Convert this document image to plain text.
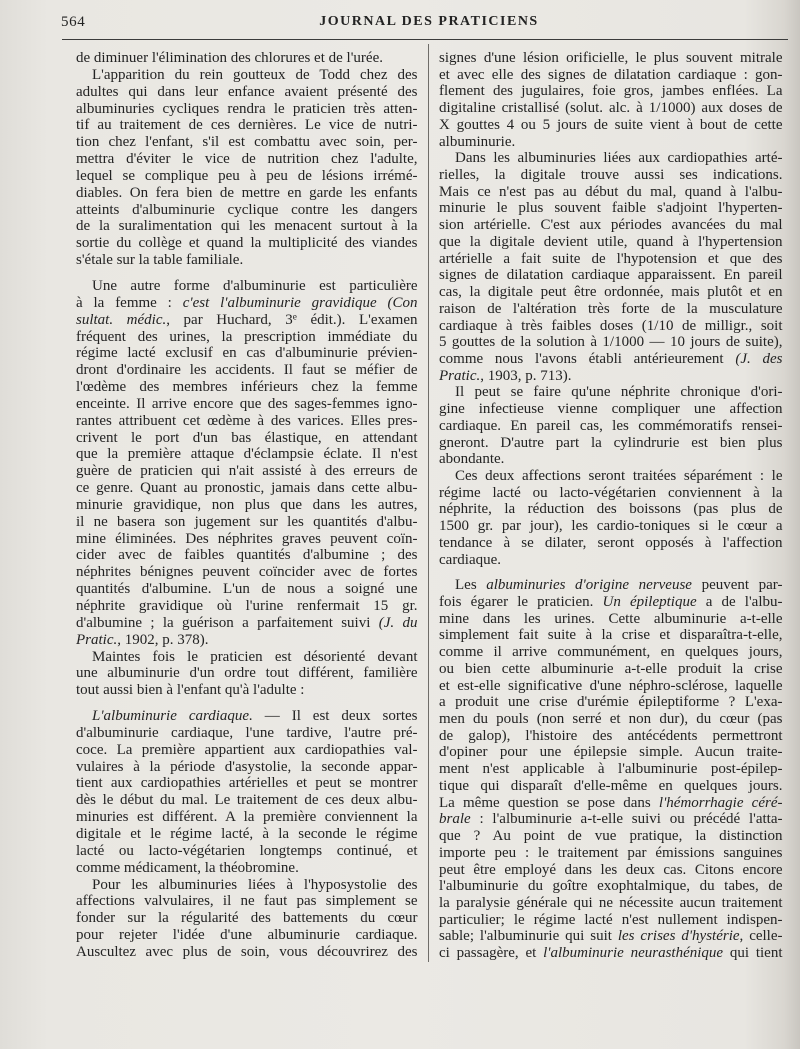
564	JOURNAL DES PRATICIENS
de diminuer l'élimination des chlorures et de l'urée.
L'apparition du rein goutteux de Todd chez des
adultes qui dans leur enfance avaient présenté des
albuminuries cycliques rendra le praticien très atten-
tif au traitement de ces dernières. Le vice de nutri-
tion chez l'enfant, s'il est combattu avec soin, per-
mettra d'éviter le vice de nutrition chez l'adulte,
lequel se complique peu à peu de lésions irrémé-
diables. On fera bien de mettre en garde les enfants
atteints d'albuminurie cyclique contre les dangers
de la suralimentation qui les menacent surtout à la
sortie du collège et quand la multiplicité des viandes
s'étale sur la table familiale.
Une autre forme d'albuminurie est particulière
à la femme : c'est l'albuminurie gravidique (Con
sultat. médic., par Huchard, 3e édit.). L'examen
fréquent des urines, la prescription immédiate du
régime lacté exclusif en cas d'albuminurie prévien-
dront d'ordinaire les accidents. Il faut se méfier de
l'œdème des membres inférieurs chez la femme
enceinte. Il arrive encore que des sages-femmes igno-
rantes attribuent cet œdème à des varices. Elles pres-
crivent le port d'un bas élastique, en attendant
que la première attaque d'éclampsie éclate. Il n'est
guère de praticien qui n'ait assisté à des erreurs de
ce genre. Quant au pronostic, jamais dans cette albu-
minurie gravidique, non plus que dans les autres,
il ne basera son jugement sur les quantités d'albu-
mine éliminées. Des néphrites graves peuvent coïn-
cider avec de faibles quantités d'albumine ; des
néphrites bénignes peuvent coïncider avec de fortes
quantités d'albumine. L'un de nous a soigné une
néphrite gravidique où l'urine renfermait 15 gr.
d'albumine ; la guérison a parfaitement suivi (J. du
Pratic., 1902, p. 378).
Maintes fois le praticien est désorienté devant
une albuminurie d'un ordre tout différent, familière
tout aussi bien à l'enfant qu'à l'adulte :
L'albuminurie cardiaque. — Il est deux sortes
d'albuminurie cardiaque, l'une tardive, l'autre pré-
coce. La première appartient aux cardiopathies val-
vulaires à la période d'asystolie, la seconde appar-
tient aux cardiopathies artérielles et peut se montrer
dès le début du mal. Le traitement de ces deux albu-
minuries est différent. A la première conviennent la
digitale et le régime lacté, à la seconde le régime
lacté ou lacto-végétarien longtemps continué, et
comme médicament, la théobromine.
Pour les albuminuries liées à l'hyposystolie des
affections valvulaires, il ne faut pas simplement se
fonder sur la régularité des battements du cœur
pour rejeter l'idée d'une albuminurie cardiaque.
Auscultez avec plus de soin, vous découvrirez des
signes d'une lésion orificielle, le plus souvent mitrale
et avec elle des signes de dilatation cardiaque : gon-
flement des jugulaires, foie gros, jambes enflées. La
digitaline cristallisé (solut. alc. à 1/1000) aux doses de
X gouttes 4 ou 5 jours de suite vient à bout de cette
albuminurie.
Dans les albuminuries liées aux cardiopathies arté-
rielles, la digitale trouve aussi ses indications.
Mais ce n'est pas au début du mal, quand à l'albu-
minurie le plus souvent faible s'adjoint l'hyperten-
sion artérielle. C'est aux périodes avancées du mal
que la digitale devient utile, quand à l'hypertension
artérielle a fait suite de l'hypotension et que des
signes de dilatation cardiaque apparaissent. En pareil
cas, la digitale peut être ordonnée, mais plutôt et en
raison de l'altération très forte de la musculature
cardiaque à très faibles doses (1/10 de milligr., soit
5 gouttes de la solution à 1/1000 — 10 jours de suite),
comme nous l'avons établi antérieurement (J. des
Pratic., 1903, p. 713).
Il peut se faire qu'une néphrite chronique d'ori-
gine infectieuse vienne compliquer une affection
cardiaque. En pareil cas, les commémoratifs rensei-
gneront. D'autre part la cylindrurie est bien plus
abondante.
Ces deux affections seront traitées séparément : le
régime lacté ou lacto-végétarien conviennent à la
néphrite, la réduction des boissons (pas plus de
1500 gr. par jour), les cardio-toniques si le cœur a
tendance à se dilater, seront opposés à l'affection
cardiaque.
Les albuminuries d'origine nerveuse peuvent par-
fois égarer le praticien. Un épileptique a de l'albu-
mine dans les urines. Cette albuminurie a-t-elle
simplement fait suite à la crise et disparaîtra-t-elle,
comme il arrive communément, en quelques jours,
ou bien cette albuminurie a-t-elle produit la crise
et est-elle significative d'une néphro-sclérose, laquelle
a produit une crise d'urémie épileptiforme ? L'exa-
men du pouls (non serré et non dur), du cœur (pas
de galop), l'histoire des antécédents permettront
d'opiner pour une épilepsie simple. Aucun traite-
ment n'est applicable à l'albuminurie post-épilep-
tique qui disparaît d'elle-même en quelques jours.
La même question se pose dans l'hémorrhagie céré-
brale : l'albuminurie a-t-elle suivi ou précédé l'atta-
que ? Au point de vue pratique, la distinction
importe peu : le traitement par émissions sanguines
peut être employé dans les deux cas. Citons encore
l'albuminurie du goître exophtalmique, du tabes, de
la paralysie générale qui ne nécessite aucun traitement
particulier; le régime lacté n'est nullement indispen-
sable; l'albuminurie qui suit les crises d'hystérie, celle-
ci passagère, et l'albuminurie neurasthénique qui tient
